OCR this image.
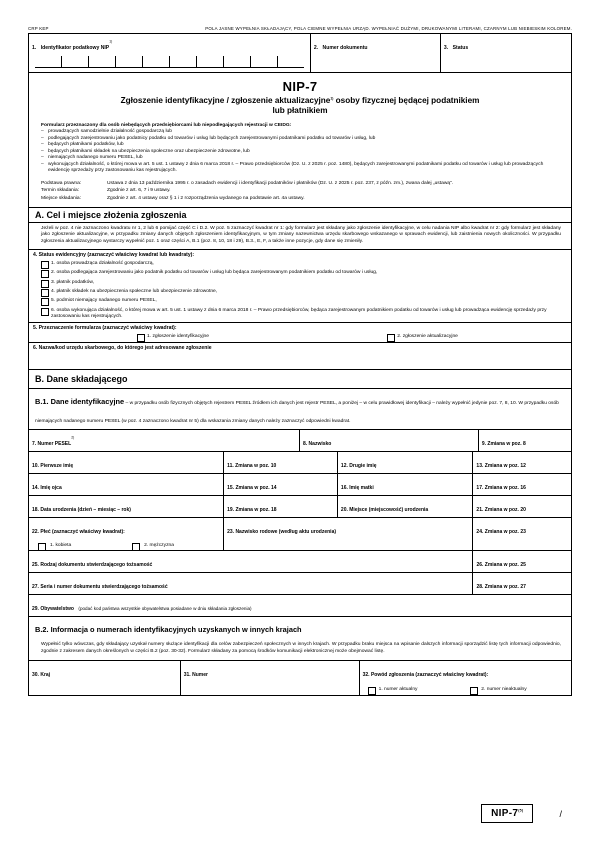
CRP KEP	POLA JASNE WYPEŁNIA SKŁADAJĄCY, POLA CIEMNE WYPEŁNIA URZĄD. WYPEŁNIAĆ DUŻYMI, DRUKOWANYMI LITERAMI, CZARNYM LUB NIEBIESKIM KOLOREM.
1. Identyfikator podatkowy NIP$^{1)}$
2. Numer dokumentu	3. Status
NIP-7
Zgłoszenie identyfikacyjne / zgłoszenie aktualizacyjne$^{1)}$ osoby fizycznej będącej podatnikiem
lub płatnikiem
Formularz przeznaczony dla osób niebędących przedsiębiorcami lub niepodlegających rejestracji w CEIDG:
– prowadzących samodzielnie działalność gospodarczą lub
– podlegających zarejestrowaniu jako podatnicy podatku od towarów i usług lub będących zarejestrowanymi podatnikami podatku od towarów i usług, lub
– będących płatnikami podatków, lub
– będących płatnikami składek na ubezpieczenia społeczne oraz ubezpieczenie zdrowotne, lub
– niemających nadanego numeru PESEL, lub
– wykonujących działalność, o której mowa w art. 5 ust. 1 ustawy z dnia 6 marca 2018 r. – Prawo przedsiębiorców (Dz. U. z 2025 r. poz. 1480), będących zarejestrowanymi podatnikami podatku od towarów i usług lub prowadzących ewidencję sprzedaży przy zastosowaniu kas rejestrujących.
Podstawa prawna:	Ustawa z dnia 13 października 1995 r. o zasadach ewidencji i identyfikacji podatników i płatników (Dz. U. z 2025 r. poz. 237, z późn. zm.), zwana dalej „ustawą”.
Termin składania:	Zgodnie z art. 6, 7 i 9 ustawy.
Miejsce składania:	Zgodnie z art. 4 ustawy oraz § 1 i 2 rozporządzenia wydanego na podstawie art. 4a ustawy.
A. Cel i miejsce złożenia zgłoszenia
Jeżeli w poz. 4 nie zaznaczono kwadratu nr 1, 2 lub 6 pomijać część C i D.2. W poz. 5 zaznaczyć kwadrat nr 1: gdy formularz jest składany jako zgłoszenie identyfikacyjne, w celu nadania NIP albo kwadrat nr 2: gdy formularz jest składany jako zgłoszenie aktualizacyjne, w przypadku zmiany danych objętych zgłoszeniem identyfikacyjnym, w tym zmiany nazewnictwa urzędu skarbowego wskazanego w sprawach ewidencji, lub zaistnienia nowych okoliczności. W przypadku zgłoszenia aktualizacyjnego wystarczy wypełnić poz. 1 oraz części A, B.1 (poz. 8, 10, 18 i 29), B.3., E, F, a także inne pozycje, gdy dane się zmieniły.
4. Status ewidencyjny (zaznaczyć właściwy kwadrat lub kwadraty):
1. osoba prowadząca działalność gospodarczą,
2. osoba podlegająca zarejestrowaniu jako podatnik podatku od towarów i usług lub będąca zarejestrowanym podatnikiem podatku od towarów i usług,
3. płatnik podatków,
4. płatnik składek na ubezpieczenia społeczne lub ubezpieczenie zdrowotne,
5. podmiot niemający nadanego numeru PESEL,
6. osoba wykonująca działalność, o której mowa w art. 5 ust. 1 ustawy z dnia 6 marca 2018 r. – Prawo przedsiębiorców, będąca zarejestrowanym podatnikiem podatku od towarów i usług lub prowadząca ewidencję sprzedaży przy zastosowaniu kas rejestrujących.
5. Przeznaczenie formularza (zaznaczyć właściwy kwadrat):
1. zgłoszenie identyfikacyjne	2. zgłoszenie aktualizacyjne
6. Nazwa/kod urzędu skarbowego, do którego jest adresowane zgłoszenie
B. Dane składającego
B.1. Dane identyfikacyjne – w przypadku osób fizycznych objętych rejestrem PESEL źródłem ich danych jest rejestr PESEL, a poniżej – w celu prawidłowej identyfikacji – należy wypełnić jedynie poz. 7, 8, 10. W przypadku osób niemających nadanego numeru PESEL (w poz. 4 zaznaczono kwadrat nr 5) dla wskazania zmiany danych należy zaznaczyć odpowiedni kwadrat.
7. Numer PESEL$^{2)}$
8. Nazwisko	9. Zmiana w poz. 8
10. Pierwsze imię	11. Zmiana w poz. 10	12. Drugie imię	13. Zmiana w poz. 12
14. Imię ojca	15. Zmiana w poz. 14	16. Imię matki	17. Zmiana w poz. 16
18. Data urodzenia (dzień – miesiąc – rok)	19. Zmiana w poz. 18	20. Miejsce (miejscowość) urodzenia	21. Zmiana w poz. 20
22. Płeć (zaznaczyć właściwy kwadrat):
1. kobieta	2. mężczyzna
23. Nazwisko rodowe (według aktu urodzenia)	24. Zmiana w poz. 23
25. Rodzaj dokumentu stwierdzającego tożsamość	26. Zmiana w poz. 25
27. Seria i numer dokumentu stwierdzającego tożsamość	28. Zmiana w poz. 27
29. Obywatelstwo (podać kod państwa wszystkie obywatelstwa posiadane w dniu składania zgłoszenia)
B.2. Informacja o numerach identyfikacyjnych uzyskanych w innych krajach
Wypełnić tylko wówczas, gdy składający uzyskał numery służące identyfikacji dla celów zabezpieczeń społecznych w innych krajach. W przypadku braku miejsca na wpisanie dalszych informacji sporządzić listę tych informacji odpowiednio, zgodnie z zakresem danych określonych w części B.2 (poz. 30-32). Formularz składany za pomocą środków komunikacji elektronicznej może obejmować listę.
30. Kraj	31. Numer	32. Powód zgłoszenia (zaznaczyć właściwy kwadrat):
1. numer aktualny	2. numer nieaktualny
NIP-7$^{(5)}$	/
